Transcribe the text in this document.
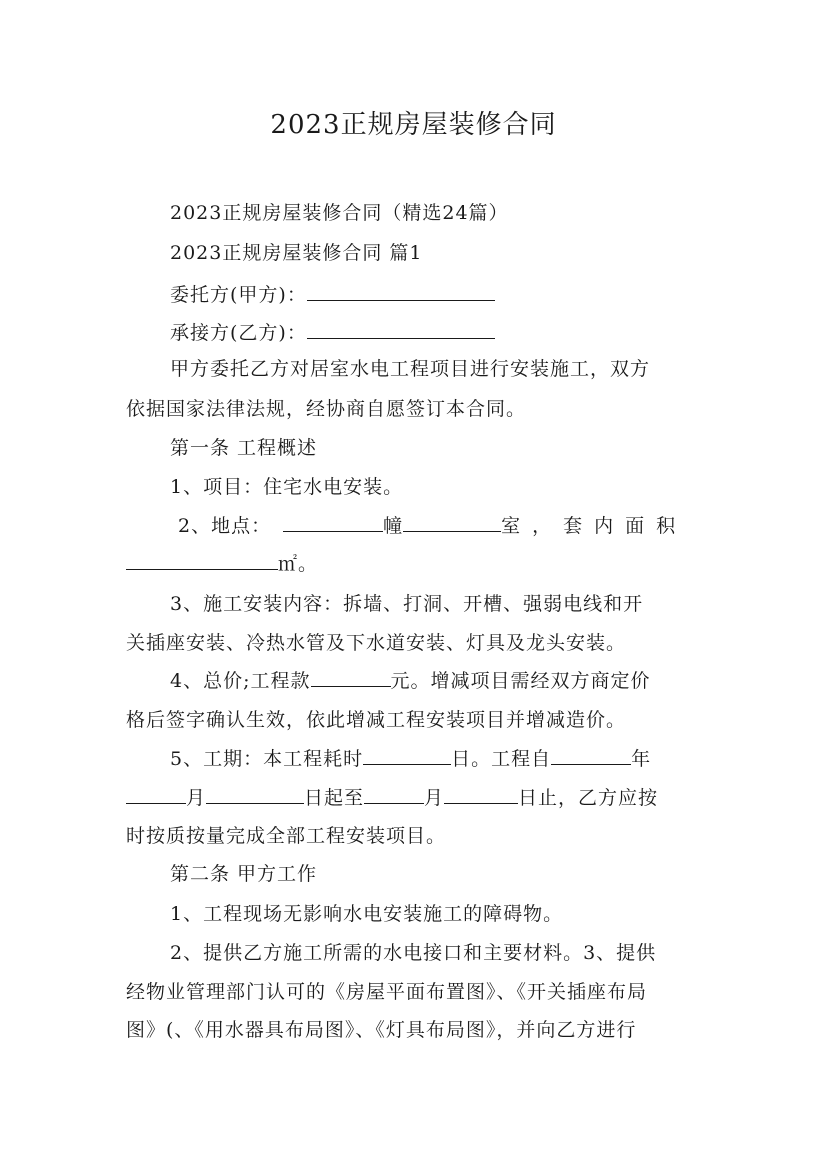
2023正规房屋装修合同
2023正规房屋装修合同（精选24篇）
2023正规房屋装修合同 篇1
委托方(甲方)：
承接方(乙方)：
甲方委托乙方对居室水电工程项目进行安装施工，双方
依据国家法律法规，经协商自愿签订本合同。
第一条 工程概述
1、项目：住宅水电安装。
2、地点：	幢	室，套内面积
㎡。
3、施工安装内容：拆墙、打洞、开槽、强弱电线和开
关插座安装、冷热水管及下水道安装、灯具及龙头安装。
4、总价;工程款	元。增减项目需经双方商定价
格后签字确认生效，依此增减工程安装项目并增减造价。
5、工期：本工程耗时	日。工程自	年
月	日起至	月	日止，乙方应按
时按质按量完成全部工程安装项目。
第二条 甲方工作
1、工程现场无影响水电安装施工的障碍物。
2、提供乙方施工所需的水电接口和主要材料。3、提供
经物业管理部门认可的《房屋平面布置图》、《开关插座布局
图》(、《用水器具布局图》、《灯具布局图》，并向乙方进行
